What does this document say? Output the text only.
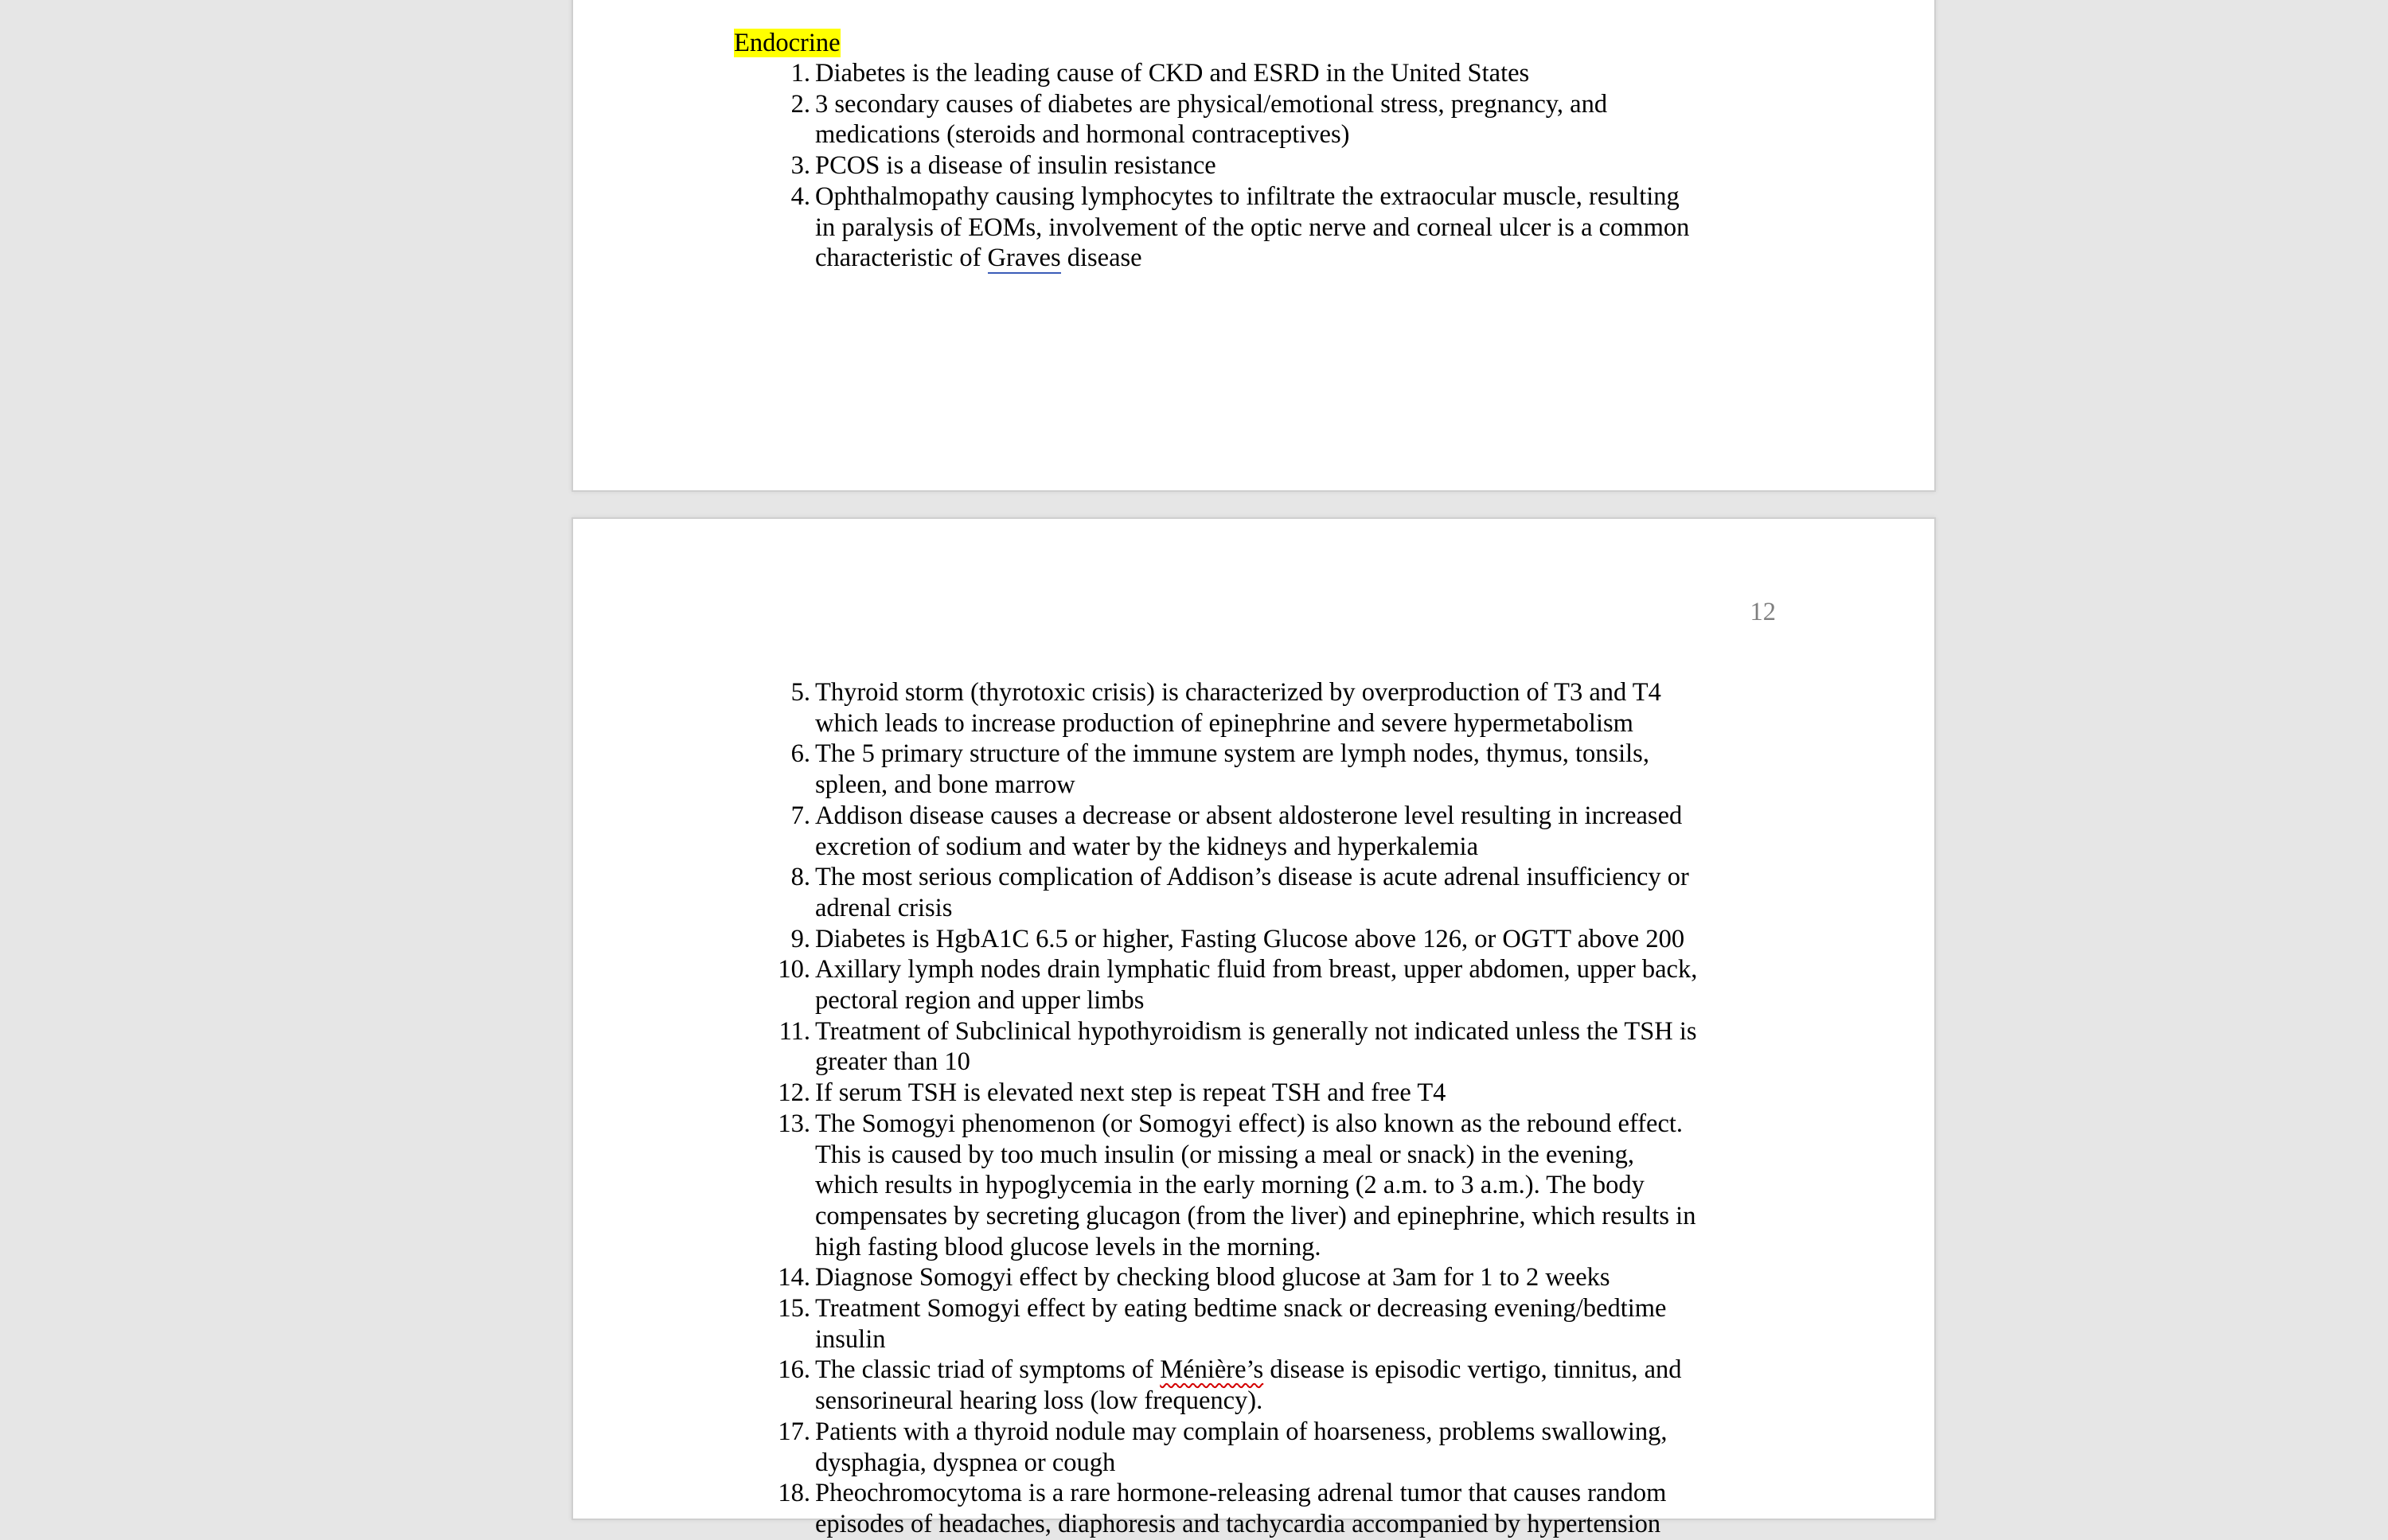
Endocrine

1. Diabetes is the leading cause of CKD and ESRD in the United States
2. 3 secondary causes of diabetes are physical/emotional stress, pregnancy, and medications (steroids and hormonal contraceptives)
3. PCOS is a disease of insulin resistance
4. Ophthalmopathy causing lymphocytes to infiltrate the extraocular muscle, resulting in paralysis of EOMs, involvement of the optic nerve and corneal ulcer is a common characteristic of Graves disease
12
5. Thyroid storm (thyrotoxic crisis) is characterized by overproduction of T3 and T4 which leads to increase production of epinephrine and severe hypermetabolism
6. The 5 primary structure of the immune system are lymph nodes, thymus, tonsils, spleen, and bone marrow
7. Addison disease causes a decrease or absent aldosterone level resulting in increased excretion of sodium and water by the kidneys and hyperkalemia
8. The most serious complication of Addison’s disease is acute adrenal insufficiency or adrenal crisis
9. Diabetes is HgbA1C 6.5 or higher, Fasting Glucose above 126, or OGTT above 200
10. Axillary lymph nodes drain lymphatic fluid from breast, upper abdomen, upper back, pectoral region and upper limbs
11. Treatment of Subclinical hypothyroidism is generally not indicated unless the TSH is greater than 10
12. If serum TSH is elevated next step is repeat TSH and free T4
13. The Somogyi phenomenon (or Somogyi effect) is also known as the rebound effect. This is caused by too much insulin (or missing a meal or snack) in the evening, which results in hypoglycemia in the early morning (2 a.m. to 3 a.m.). The body compensates by secreting glucagon (from the liver) and epinephrine, which results in high fasting blood glucose levels in the morning.
14. Diagnose Somogyi effect by checking blood glucose at 3am for 1 to 2 weeks
15. Treatment Somogyi effect by eating bedtime snack or decreasing evening/bedtime insulin
16. The classic triad of symptoms of Ménière’s disease is episodic vertigo, tinnitus, and sensorineural hearing loss (low frequency).
17. Patients with a thyroid nodule may complain of hoarseness, problems swallowing, dysphagia, dyspnea or cough
18. Pheochromocytoma is a rare hormone-releasing adrenal tumor that causes random episodes of headaches, diaphoresis and tachycardia accompanied by hypertension
